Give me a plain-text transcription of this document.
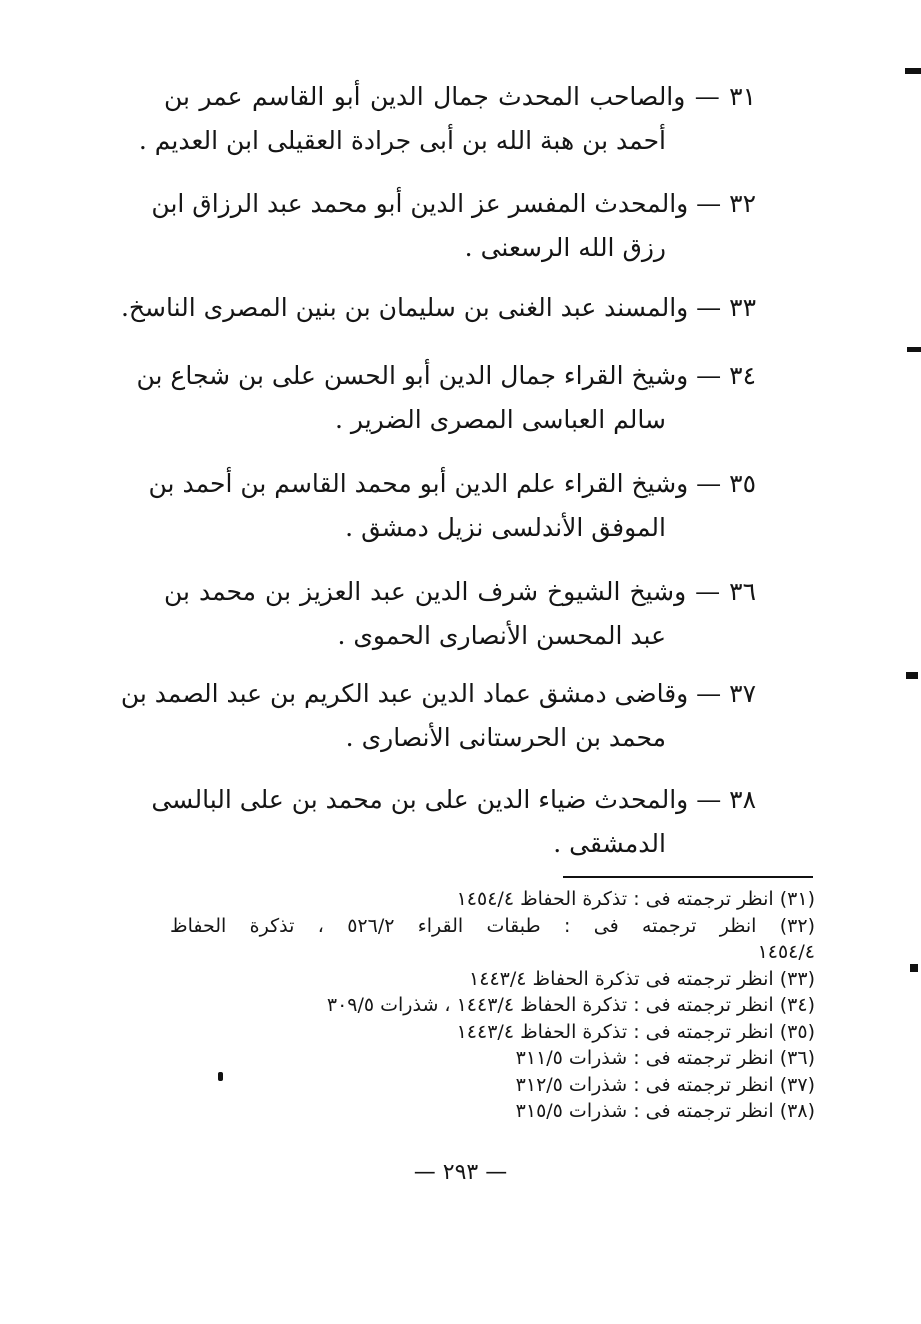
٣١ — والصاحب المحدث جمال الدين أبو القاسم عمر بن
أحمد بن هبة الله بن أبى جرادة العقيلى ابن العديم .
٣٢ — والمحدث المفسر عز الدين أبو محمد عبد الرزاق ابن
رزق الله الرسعنى .
٣٣ — والمسند عبد الغنى بن سليمان بن بنين المصرى الناسخ.
٣٤ — وشيخ القراء جمال الدين أبو الحسن على بن شجاع بن
سالم العباسى المصرى الضرير .
٣٥ — وشيخ القراء علم الدين أبو محمد القاسم بن أحمد بن
الموفق الأندلسى نزيل دمشق .
٣٦ — وشيخ الشيوخ شرف الدين عبد العزيز بن محمد بن
عبد المحسن الأنصارى الحموى .
٣٧ — وقاضى دمشق عماد الدين عبد الكريم بن عبد الصمد بن
محمد بن الحرستانى الأنصارى .
٣٨ — والمحدث ضياء الدين على بن محمد بن على البالسى
الدمشقى .
(٣١) انظر ترجمته فى : تذكرة الحفاظ ١٤٥٤/٤
(٣٢) انظر ترجمته فى : طبقات القراء ٥٢٦/٢ ، تذكرة الحفاظ
١٤٥٤/٤
(٣٣) انظر ترجمته فى تذكرة الحفاظ ١٤٤٣/٤
(٣٤) انظر ترجمته فى : تذكرة الحفاظ ١٤٤٣/٤ ، شذرات ٣٠٩/٥
(٣٥) انظر ترجمته فى : تذكرة الحفاظ ١٤٤٣/٤
(٣٦) انظر ترجمته فى : شذرات ٣١١/٥
(٣٧) انظر ترجمته فى : شذرات ٣١٢/٥
(٣٨) انظر ترجمته فى : شذرات ٣١٥/٥
— ٢٩٣ —
